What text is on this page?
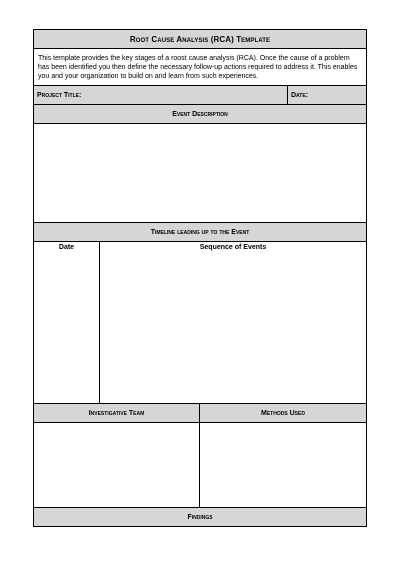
Root Cause Analysis (RCA) Template
This template provides the key stages of a roost cause analysis (RCA). Once the cause of a problem has been identified you then define the necessary follow-up actions required to address it. This enables you and your organization to build on and learn from such experiences.
Project Title:	Date:
Event Description
Timeline leading up to the Event
Date	Sequence of Events
Investigative Team	Methods Used
Findings
